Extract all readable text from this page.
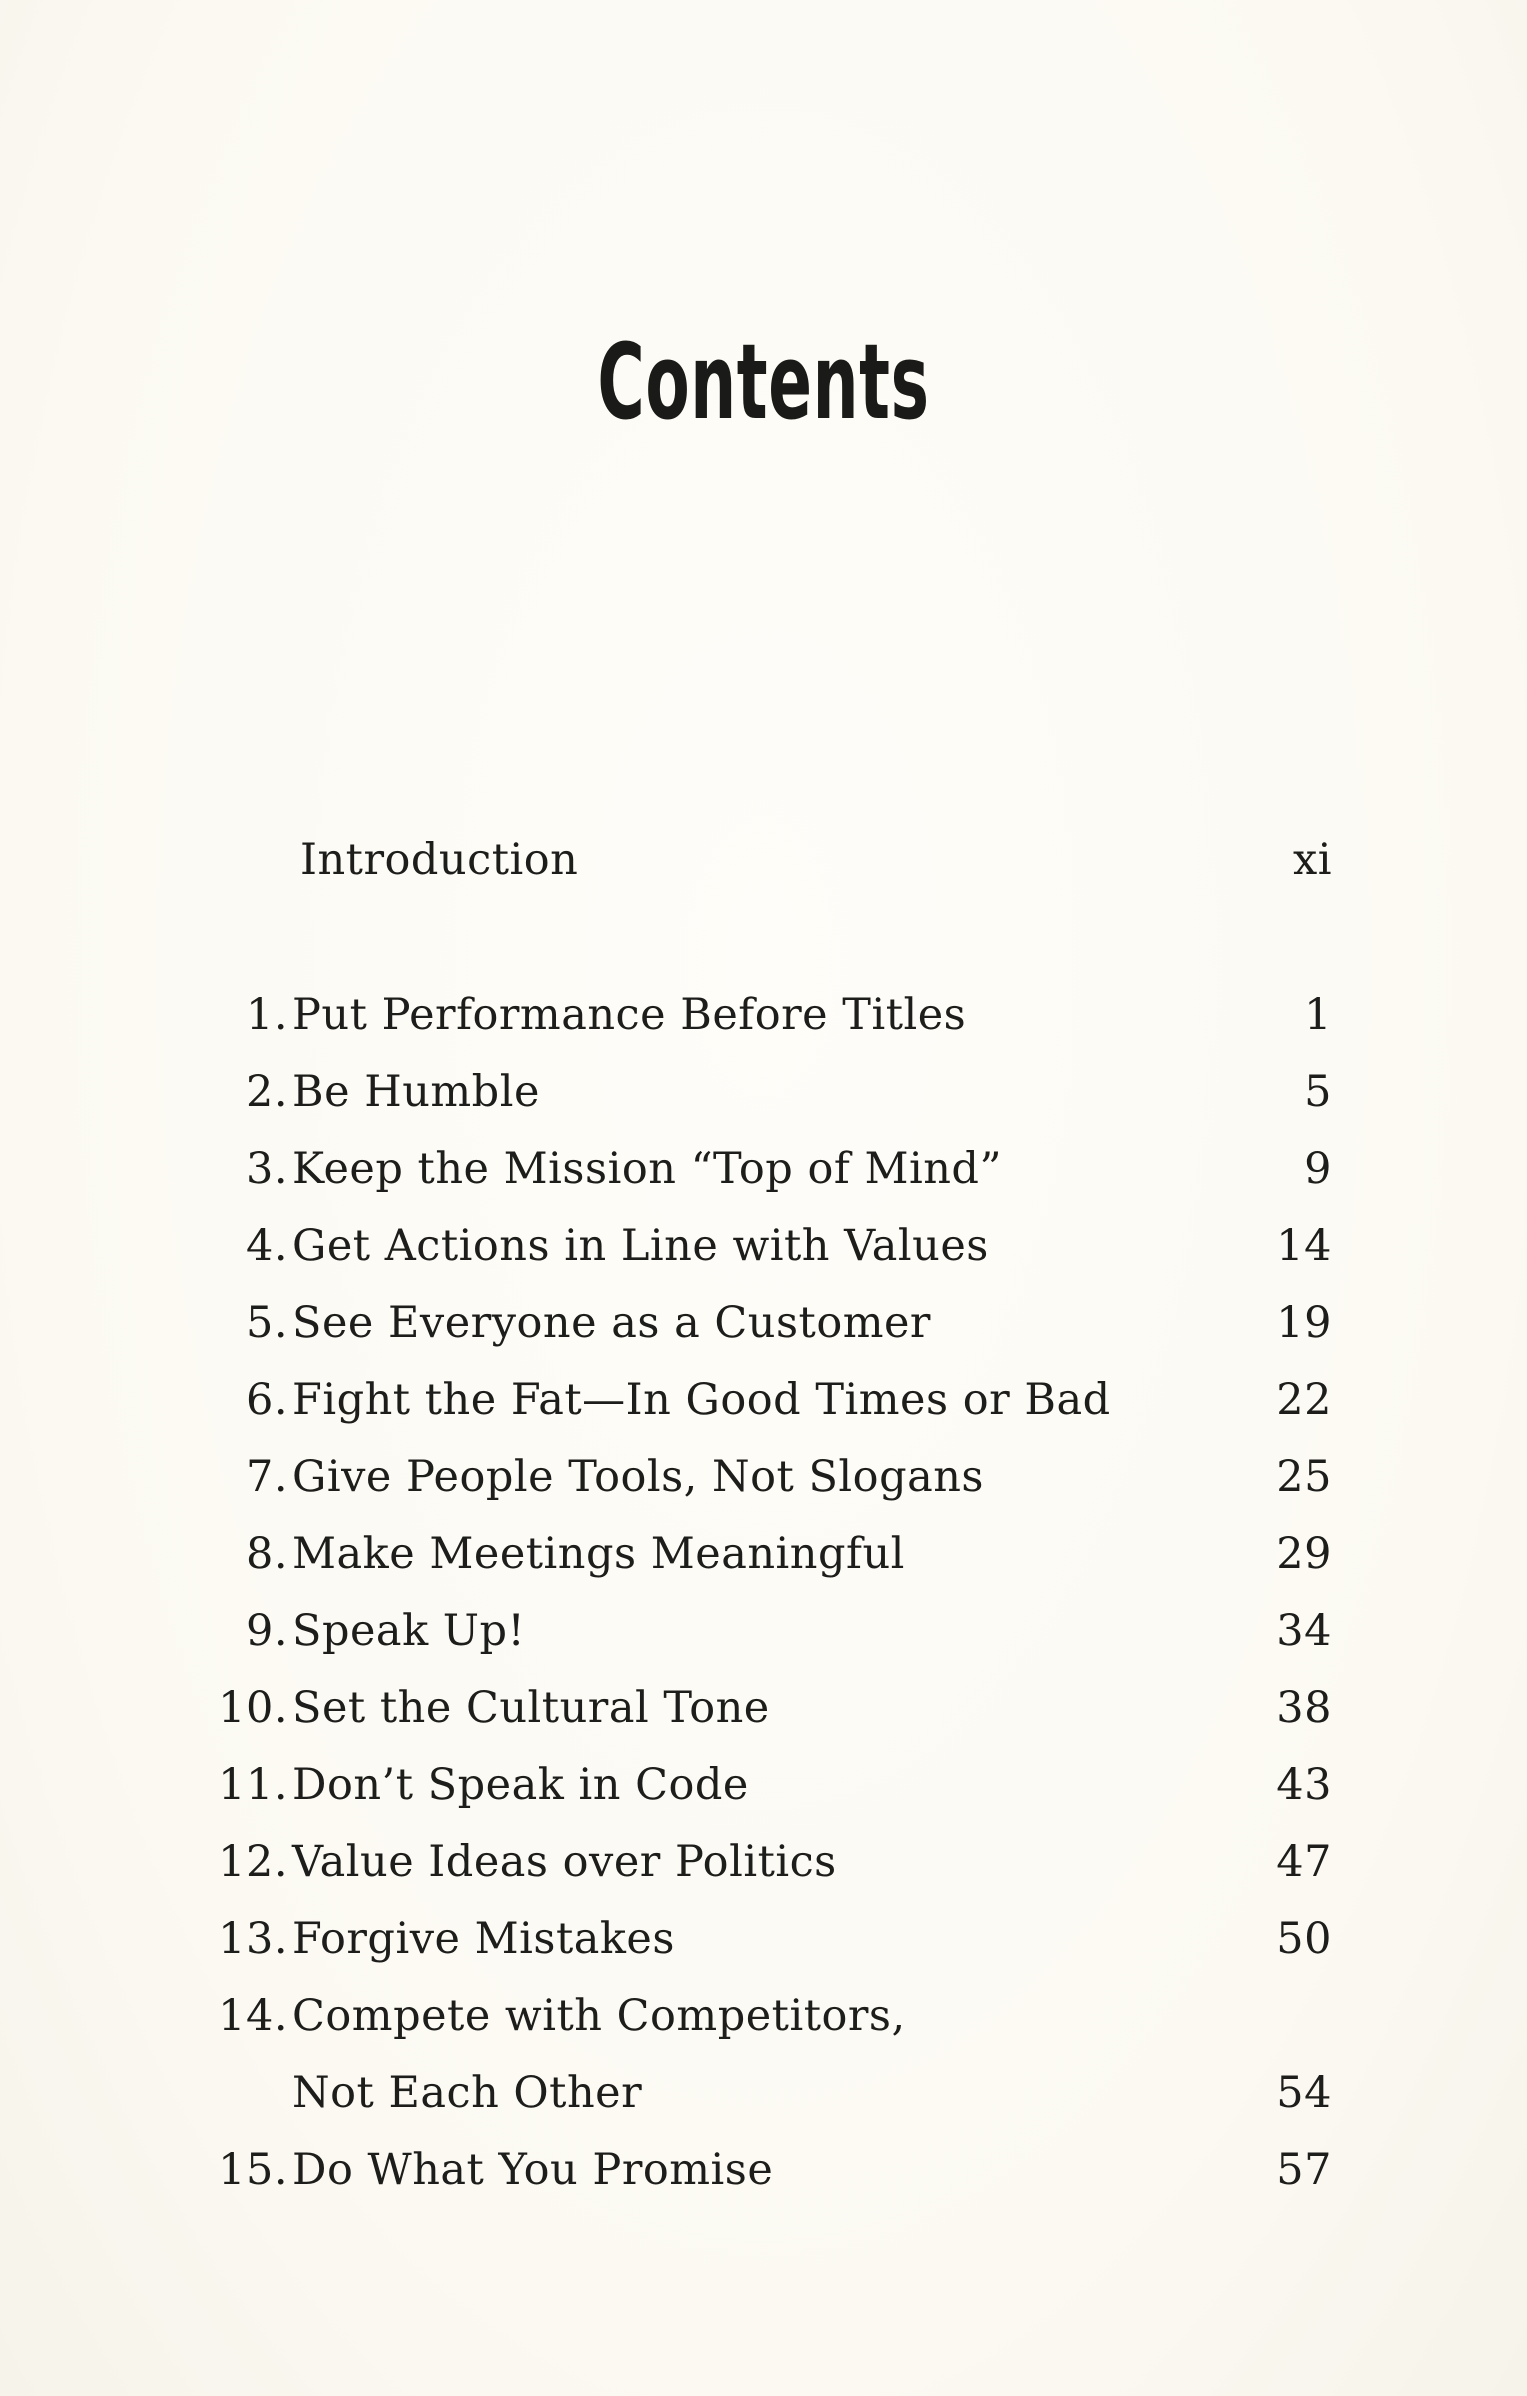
Contents
Introduction	xi
1. Put Performance Before Titles	1
2. Be Humble	5
3. Keep the Mission “Top of Mind”	9
4. Get Actions in Line with Values	14
5. See Everyone as a Customer	19
6. Fight the Fat—In Good Times or Bad	22
7. Give People Tools, Not Slogans	25
8. Make Meetings Meaningful	29
9. Speak Up!	34
10. Set the Cultural Tone	38
11. Don’t Speak in Code	43
12. Value Ideas over Politics	47
13. Forgive Mistakes	50
14. Compete with Competitors,
Not Each Other	54
15. Do What You Promise	57
